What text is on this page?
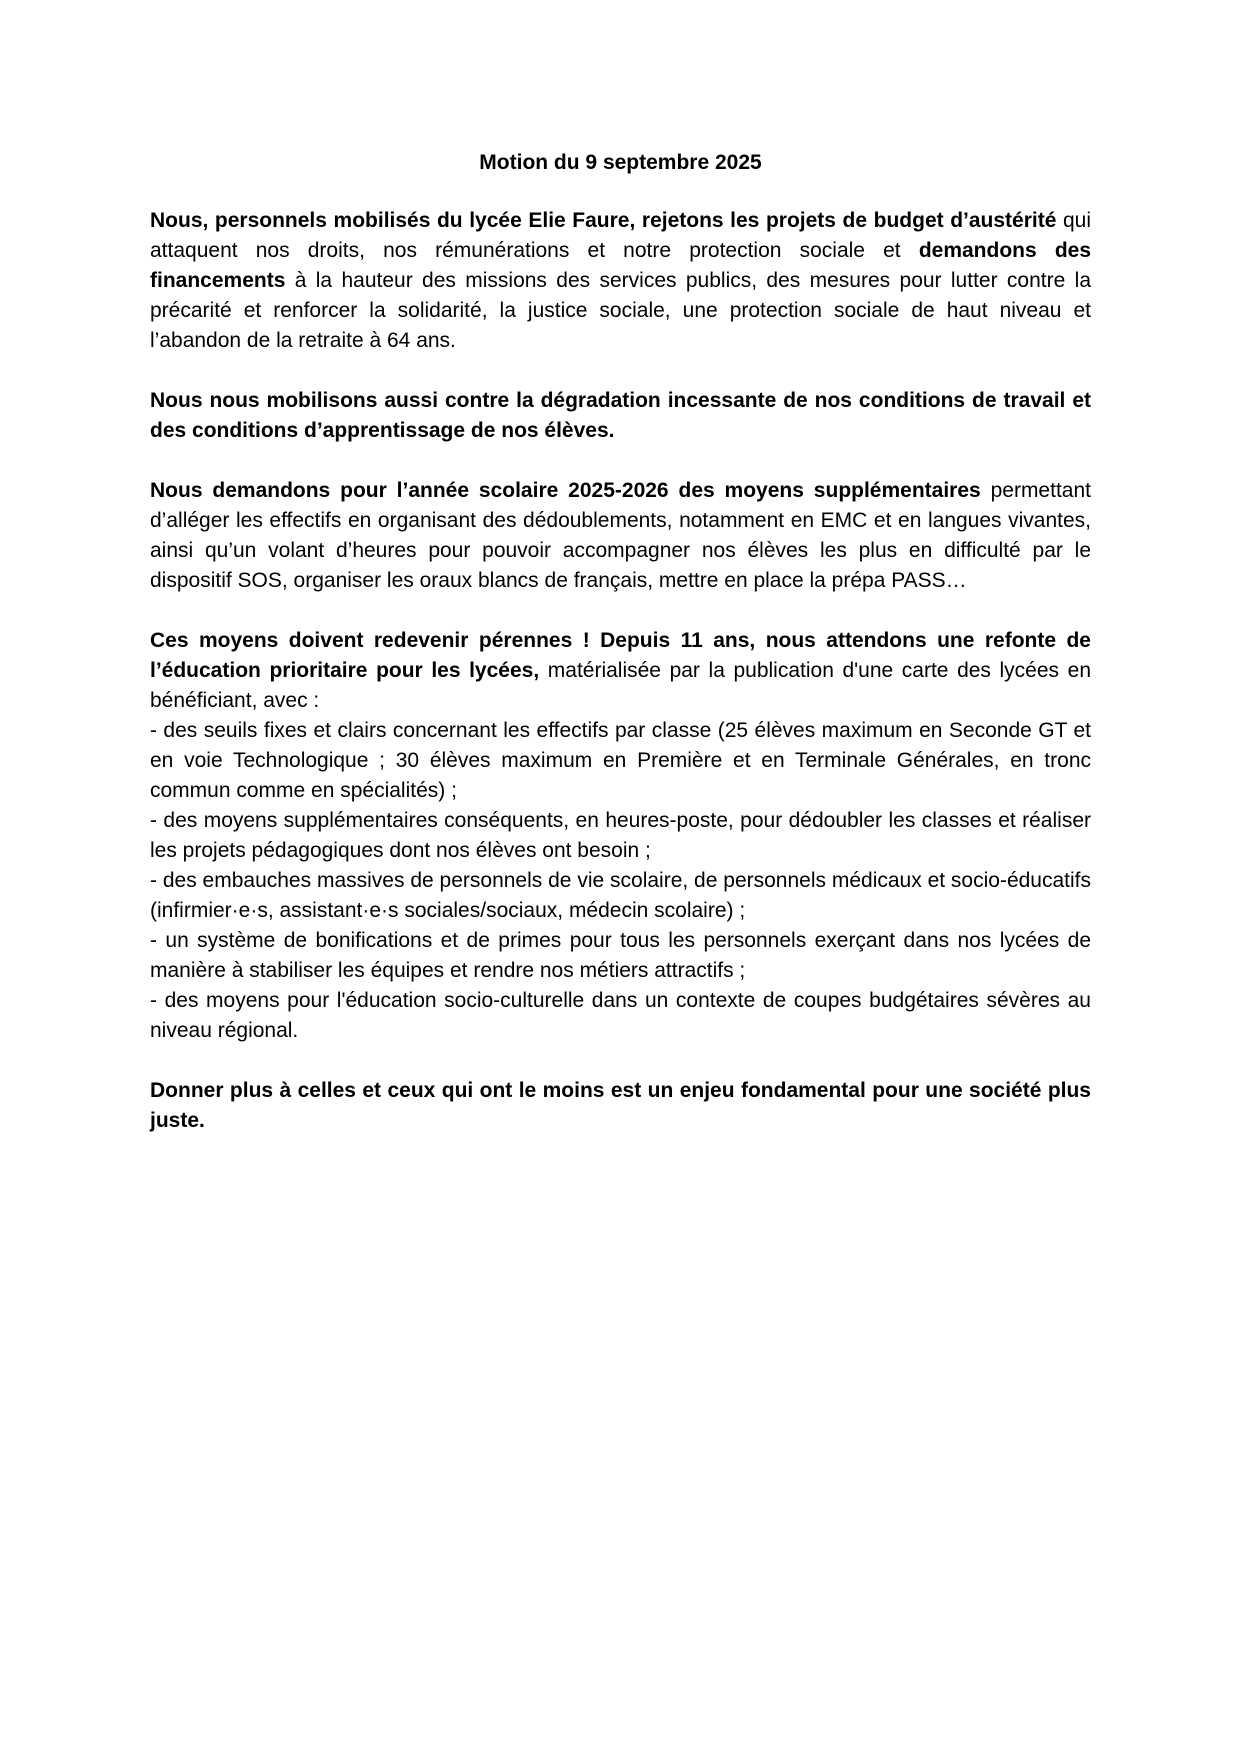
Motion du 9 septembre 2025

Nous, personnels mobilisés du lycée Elie Faure, rejetons les projets de budget d’austérité qui attaquent nos droits, nos rémunérations et notre protection sociale et demandons des financements à la hauteur des missions des services publics, des mesures pour lutter contre la précarité et renforcer la solidarité, la justice sociale, une protection sociale de haut niveau et l’abandon de la retraite à 64 ans.

Nous nous mobilisons aussi contre la dégradation incessante de nos conditions de travail et des conditions d’apprentissage de nos élèves.

Nous demandons pour l’année scolaire 2025-2026 des moyens supplémentaires permettant d’alléger les effectifs en organisant des dédoublements, notamment en EMC et en langues vivantes, ainsi qu’un volant d’heures pour pouvoir accompagner nos élèves les plus en difficulté par le dispositif SOS, organiser les oraux blancs de français, mettre en place la prépa PASS…

Ces moyens doivent redevenir pérennes ! Depuis 11 ans, nous attendons une refonte de l’éducation prioritaire pour les lycées, matérialisée par la publication d'une carte des lycées en bénéficiant, avec :

- des seuils fixes et clairs concernant les effectifs par classe (25 élèves maximum en Seconde GT et en voie Technologique ; 30 élèves maximum en Première et en Terminale Générales, en tronc commun comme en spécialités) ;

- des moyens supplémentaires conséquents, en heures-poste, pour dédoubler les classes et réaliser les projets pédagogiques dont nos élèves ont besoin ;

- des embauches massives de personnels de vie scolaire, de personnels médicaux et socio-éducatifs (infirmier·e·s, assistant·e·s sociales/sociaux, médecin scolaire) ;

- un système de bonifications et de primes pour tous les personnels exerçant dans nos lycées de manière à stabiliser les équipes et rendre nos métiers attractifs ;

- des moyens pour l'éducation socio-culturelle dans un contexte de coupes budgétaires sévères au niveau régional.

Donner plus à celles et ceux qui ont le moins est un enjeu fondamental pour une société plus juste.
